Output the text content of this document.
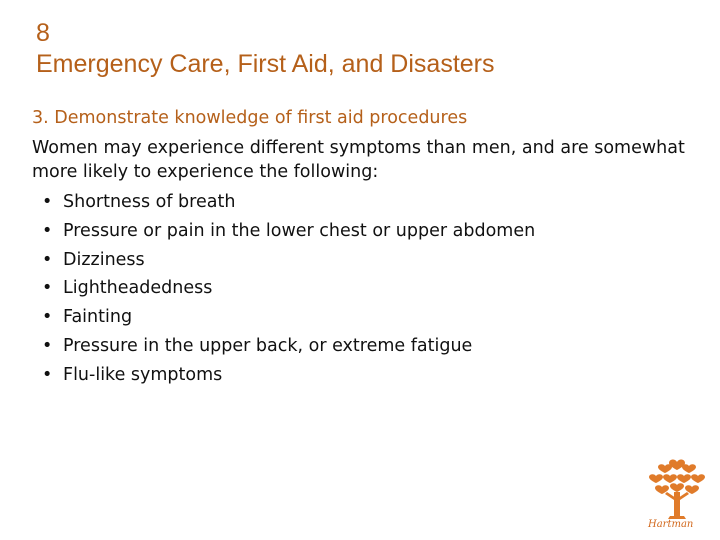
8
Emergency Care, First Aid, and Disasters
3. Demonstrate knowledge of first aid procedures
Women may experience different symptoms than men, and are somewhat more likely to experience the following:
• Shortness of breath
• Pressure or pain in the lower chest or upper abdomen
• Dizziness
• Lightheadedness
• Fainting
• Pressure in the upper back, or extreme fatigue
• Flu-like symptoms
Hartman
